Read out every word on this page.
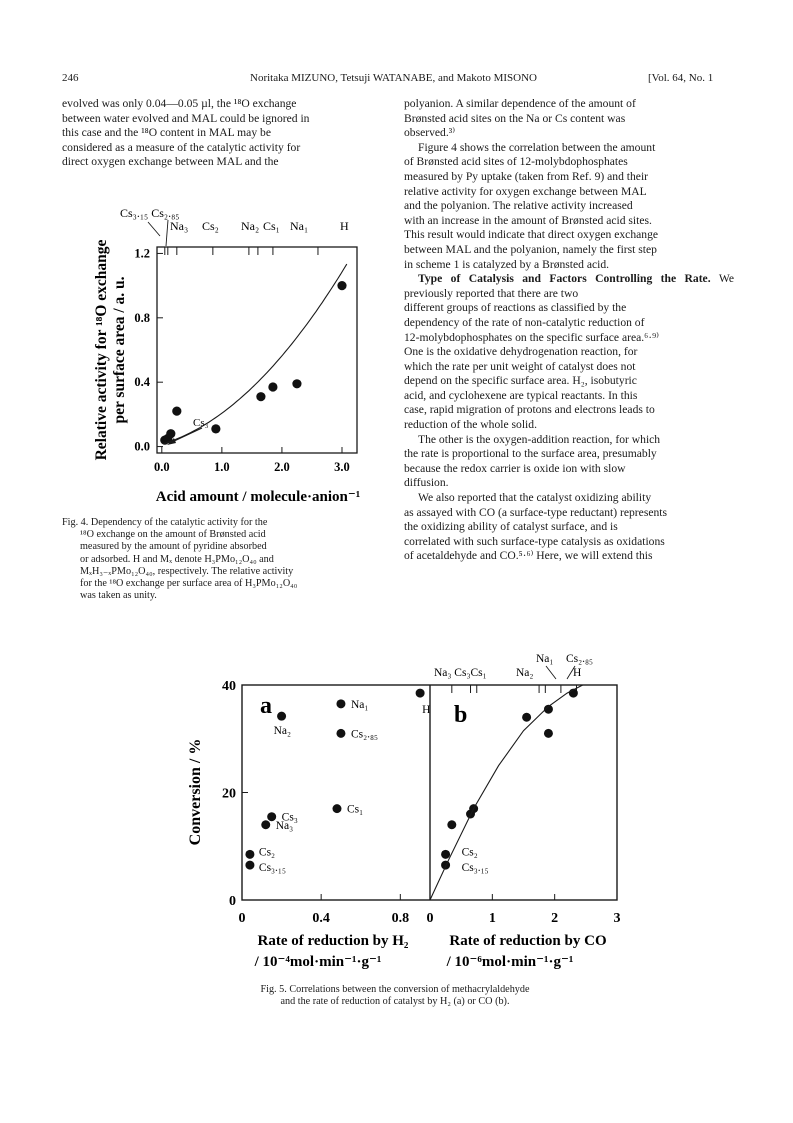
246	Noritaka MIZUNO, Tetsuji WATANABE, and Makoto MISONO	[Vol. 64, No. 1

evolved was only 0.04—0.05 µl, the ¹⁸O exchange

between water evolved and MAL could be ignored in

this case and the ¹⁸O content in MAL may be

considered as a measure of the catalytic activity for

direct oxygen exchange between MAL and the

polyanion. A similar dependence of the amount of

Brønsted acid sites on the Na or Cs content was

observed.³⁾

Figure 4 shows the correlation between the amount

of Brønsted acid sites of 12-molybdophosphates

measured by Py uptake (taken from Ref. 9) and their

relative activity for oxygen exchange between MAL

and the polyanion. The relative activity increased

with an increase in the amount of Brønsted acid sites.

This result would indicate that direct oxygen exchange

between MAL and the polyanion, namely the first step

in scheme 1 is catalyzed by a Brønsted acid.

Type of Catalysis and Factors Controlling the Rate. We previously reported that there are two

different groups of reactions as classified by the

dependency of the rate of non-catalytic reduction of

12-molybdophosphates on the specific surface area.⁶·⁹⁾

One is the oxidative dehydrogenation reaction, for

which the rate per unit weight of catalyst does not

depend on the specific surface area. H₂, isobutyric

acid, and cyclohexene are typical reactants. In this

case, rapid migration of protons and electrons leads to

reduction of the whole solid.

The other is the oxygen-addition reaction, for which

the rate is proportional to the surface area, presumably

because the redox carrier is oxide ion with slow

diffusion.

We also reported that the catalyst oxidizing ability

as assayed with CO (a surface-type reductant) represents

the oxidizing ability of catalyst surface, and is

correlated with such surface-type catalysis as oxidations

of acetaldehyde and CO.⁵·⁶⁾ Here, we will extend this

0.0	1.0	2.0	3.0
0.0
0.4
0.8
1.2
Cs₃
Cs₃.₁₅ Cs₂.₈₅
Na₃ Cs₂ Na₂ Cs₁ Na₁	H
Relative activity for ¹⁸O exchange per surface area / a. u.
Acid amount / molecule·anion⁻¹
Fig. 4. Dependency of the catalytic activity for the
¹⁸O exchange on the amount of Brønsted acid
measured by the amount of pyridine absorbed
or adsorbed. H and Mₓ denote H₃PMo₁₂O₄₀ and
MₓH₃₋ₓPMo₁₂O₄₀, respectively. The relative activity
for the ¹⁸O exchange per surface area of H₃PMo₁₂O₄₀
was taken as unity.
0
20
40
0	0.4	0.8 0	1	2	3
H
Na₁
Na₂	Cs₂.₈₅
Cs₁
Cs₃
Na₃
Cs₂
Cs₃.₁₅
Cs₂
Cs₃.₁₅
a	b
Na₁ Cs₂.₈₅
Na₃ Cs₃Cs₁	Na₂	H
Conversion / %
Rate of reduction by H₂
/ 10⁻⁴mol·min⁻¹·g⁻¹
Rate of reduction by CO
/ 10⁻⁶mol·min⁻¹·g⁻¹
Fig. 5. Correlations between the conversion of methacrylaldehyde
and the rate of reduction of catalyst by H₂ (a) or CO (b).
